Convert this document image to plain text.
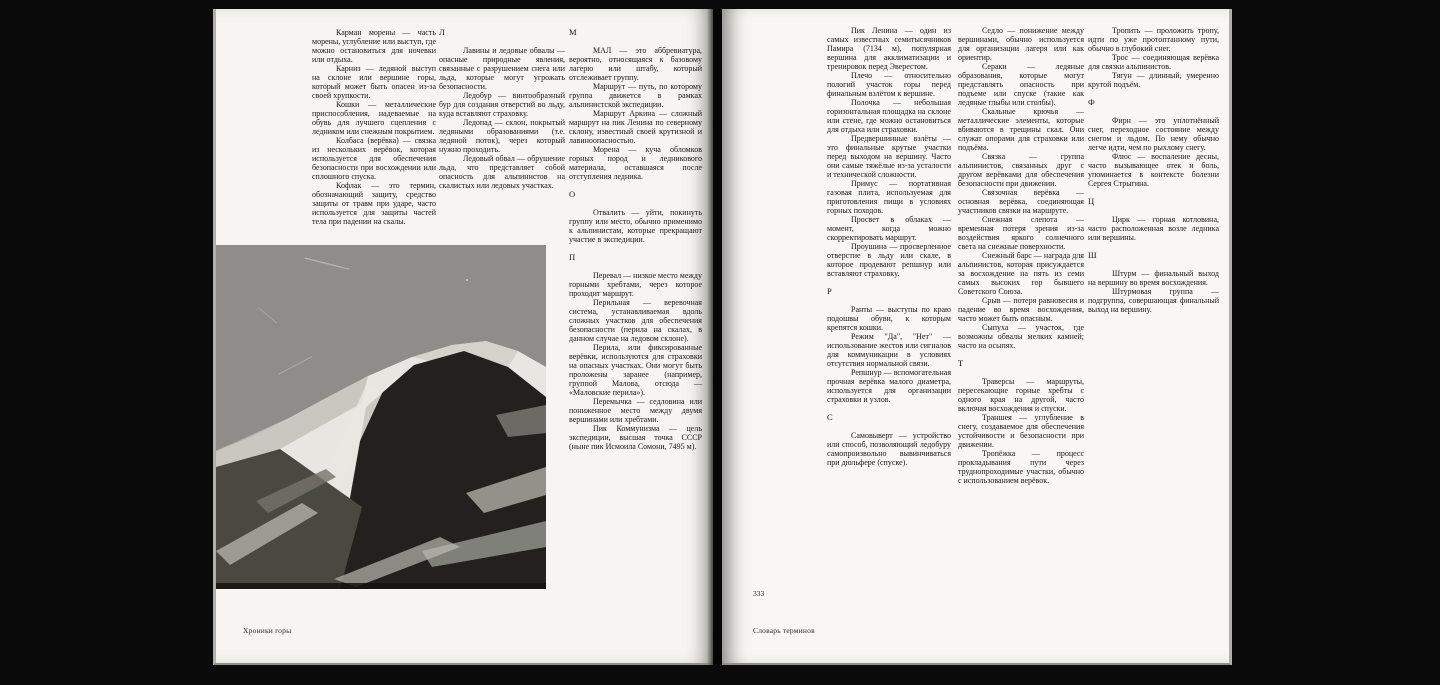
Карман морены — часть морены, углубление или выступ, где можно остановиться для ночевки или отдыха.

Карниз — ледяной выступ на склоне или вершине горы, который может быть опасен из-за своей хрупкости.

Кошки — металлические приспособления, надеваемые на обувь для лучшего сцепления с ледником или снежным покрытием.

Колбаса (верёвка) — связка из нескольких верёвок, которая используется для обеспечения безопасности при восхождении или сплошного спуска.

Кофлак — это термин, обозначающий защиту, средство защиты от травм при ударе, часто используется для защиты частей тела при падении на скалы.

Л

Лавины и ледовые обвалы — опасные природные явления, связанные с разрушением снега или льда, которые могут угрожать безопасности.

Ледобур — винтообразный бур для создания отверстий во льду, куда вставляют страховку.

Ледопад — склон, покрытый ледяными образованиями (т.е. ледяной поток), через который нужно проходить.

Ледовый обвал — обрушение льда, что представляет собой опасность для альпинистов на скалистых или ледовых участках.

М

МАЛ — это аббревиатура, вероятно, относящаяся к базовому лагерю или штабу, который отслеживает группу.

Маршрут — путь, по которому группа движется в рамках альпинистской экспедиции.

Маршрут Аркина — сложный маршрут на пик Ленина по северному склону, известный своей крутизной и лавиноопасностью.

Морена — куча обломков горных пород и ледникового материала, оставшаяся после отступления ледника.

О

Отвалить — уйти, покинуть группу или место, обычно применимо к альпинистам, которые прекращают участие в экспедиции.

П

Перевал — низкое место между горными хребтами, через которое проходит маршрут.

Перильная — веревочная система, устанавливаемая вдоль сложных участков для обеспечения безопасности (перила на скалах, в данном случае на ледовом склоне).

Перила, или фиксированные верёвки, используются для страховки на опасных участках. Они могут быть проложены заранее (например, группой Малова, отсюда — «Маловские перила»).

Перемычка — седловина или пониженное место между двумя вершинами или хребтами.

Пик Коммунизма — цель экспедиции, высшая точка СССР (ныне пик Исмоила Сомони, 7495 м).

Хроники горы

Пик Ленина — один из самых известных семитысячников Памира (7134 м), популярная вершина для акклиматизации и тренировок перед Эверестом.

Плечо — относительно пологий участок горы перед финальным взлётом к вершине.

Полочка — небольшая горизонтальная площадка на склоне или стене, где можно остановиться для отдыха или страховки.

Предвершинные взлёты — это финальные крутые участки перед выходом на вершину. Часто они самые тяжёлые из-за усталости и технической сложности.

Примус — портативная газовая плита, используемая для приготовления пищи в условиях горных походов.

Просвет в облаках — момент, когда можно скорректировать маршрут.

Проушина — просверленное отверстие в льду или скале, в которое продевают репшнур или вставляют страховку.

Р

Ранты — выступы по краю подошвы обуви, к которым крепятся кошки.

Режим "Да", "Нет" — использование жестов или сигналов для коммуникации в условиях отсутствия нормальной связи.

Репшнур — вспомогательная прочная верёвка малого диаметра, используется для организации страховки и узлов.

С

Самовыверт — устройство или способ, позволяющий ледобуру самопроизвольно вывинчиваться при дюльфере (спуске).

Седло — понижение между вершинами, обычно используется для организации лагеря или как ориентир.

Сераки — ледяные образования, которые могут представлять опасность при подъеме или спуске (такие как ледяные глыбы или столбы).

Скальные крючья — металлические элементы, которые вбиваются в трещины скал. Они служат опорами для страховки или подъёма.

Связка — группа альпинистов, связанных друг с другом верёвками для обеспечения безопасности при движении.

Связочная верёвка — основная верёвка, соединяющая участников связки на маршруте.

Снежная слепота — временная потеря зрения из-за воздействия яркого солнечного света на снежные поверхности.

Снежный барс — награда для альпинистов, которая присуждается за восхождение на пять из семи самых высоких гор бывшего Советского Союза.

Срыв — потеря равновесия и падение во время восхождения, часто может быть опасным.

Сыпуха — участок, где возможны обвалы мелких камней; часто на осыпях.

Т

Траверсы — маршруты, пересекающие горные хребты с одного края на другой, часто включая восхождения и спуски.

Траншея — углубление в снегу, создаваемое для обеспечения устойчивости и безопасности при движении.

Тропёжка — процесс прокладывания пути через труднопроходимые участки, обычно с использованием верёвок.

Тропить — проложить тропу, идти по уже протоптанному пути, обычно в глубокий снег.

Трос — соединяющая верёвка для связки альпинистов.

Тягун — длинный, умеренно крутой подъём.

Ф

Фирн — это уплотнённый снег, переходное состояние между снегом и льдом. По нему обычно легче идти, чем по рыхлому снегу.

Флюс — воспаление десны, часто вызывающее отек и боль, упоминается в контексте болезни Сергея Стрыгина.

Ц

Цирк — горная котловина, часто расположенная возле ледника или вершины.

Ш

Штурм — финальный выход на вершину во время восхождения.

Штурмовая группа — подгруппа, совершающая финальный выход на вершину.

333
Словарь терминов
